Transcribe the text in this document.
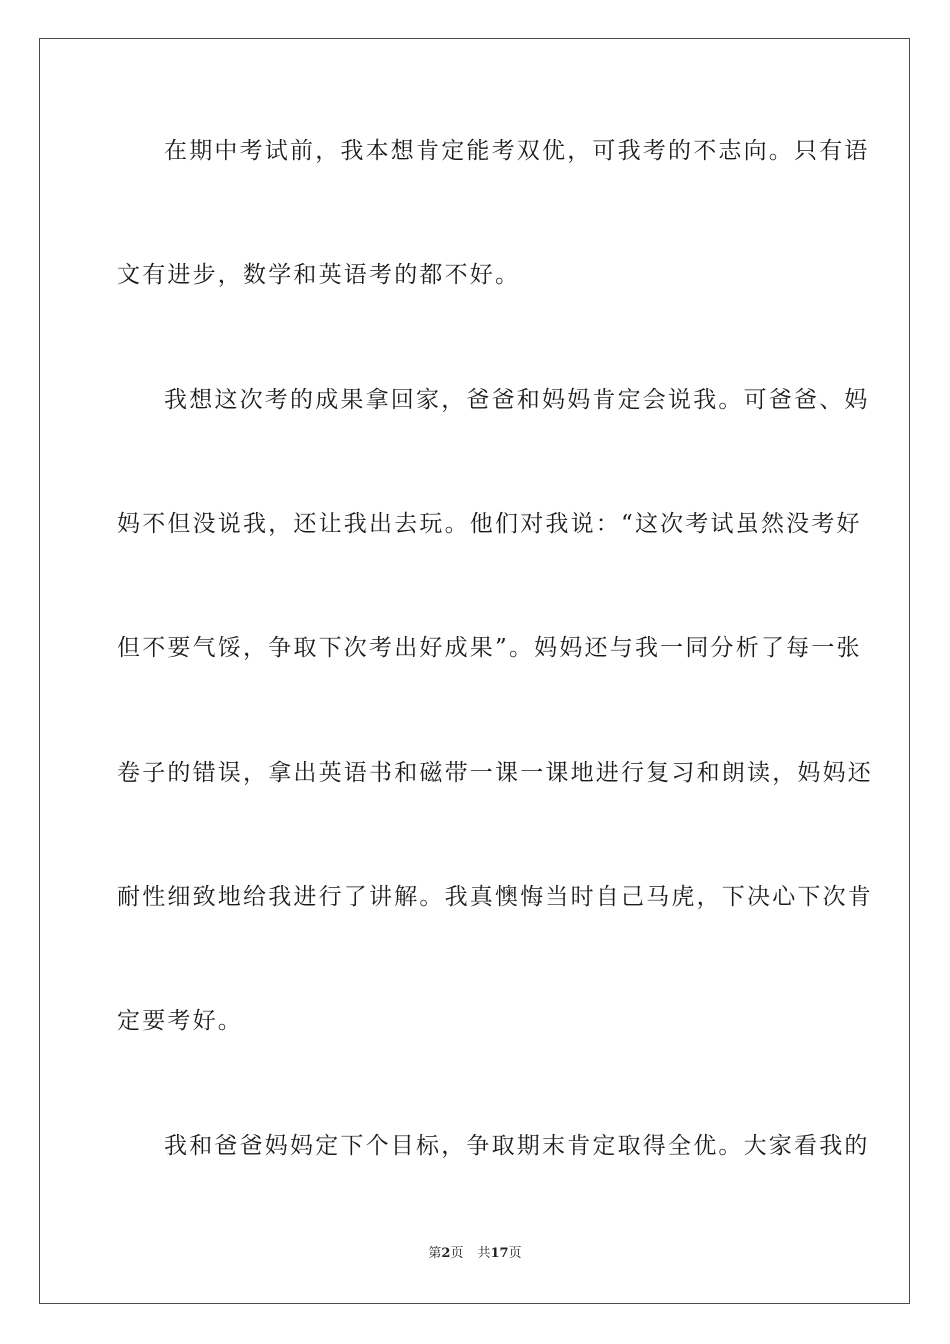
在期中考试前，我本想肯定能考双优，可我考的不志向。只有语
文有进步，数学和英语考的都不好。
我想这次考的成果拿回家，爸爸和妈妈肯定会说我。可爸爸、妈
妈不但没说我，还让我出去玩。他们对我说：“这次考试虽然没考好
但不要气馁，争取下次考出好成果”。妈妈还与我一同分析了每一张
卷子的错误，拿出英语书和磁带一课一课地进行复习和朗读，妈妈还
耐性细致地给我进行了讲解。我真懊悔当时自己马虎，下决心下次肯
定要考好。
我和爸爸妈妈定下个目标，争取期末肯定取得全优。大家看我的
第2页 共17页
